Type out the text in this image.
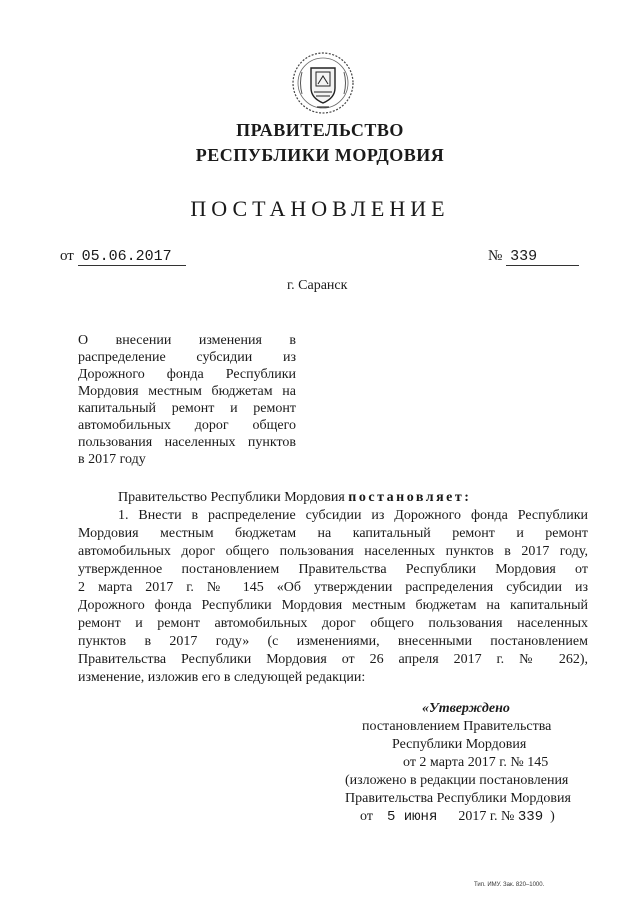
ПРАВИТЕЛЬСТВО
РЕСПУБЛИКИ МОРДОВИЯ
ПОСТАНОВЛЕНИЕ
от 05.06.2017	№ 339
г. Саранск
О внесении изменения в
распределение субсидии из
Дорожного фонда Республики
Мордовия местным бюджетам на
капитальный ремонт и ремонт
автомобильных дорог общего
пользования населенных пунктов
в 2017 году
Правительство Республики Мордовия постановляет:
1. Внести в распределение субсидии из Дорожного фонда Республики
Мордовия местным бюджетам на капитальный ремонт и ремонт
автомобильных дорог общего пользования населенных пунктов в 2017 году,
утвержденное постановлением Правительства Республики Мордовия от
2 марта 2017 г. № 145 «Об утверждении распределения субсидии из
Дорожного фонда Республики Мордовия местным бюджетам на капитальный
ремонт и ремонт автомобильных дорог общего пользования населенных
пунктов в 2017 году» (с изменениями, внесенными постановлением
Правительства Республики Мордовия от 26 апреля 2017 г. № 262),
изменение, изложив его в следующей редакции:
«Утверждено
постановлением Правительства
Республики Мордовия
от 2 марта 2017 г. № 145
(изложено в редакции постановления
Правительства Республики Мордовия
от 5 июня 2017 г. № 339 )
Тип. ИМУ. Зак. 820–1000.
